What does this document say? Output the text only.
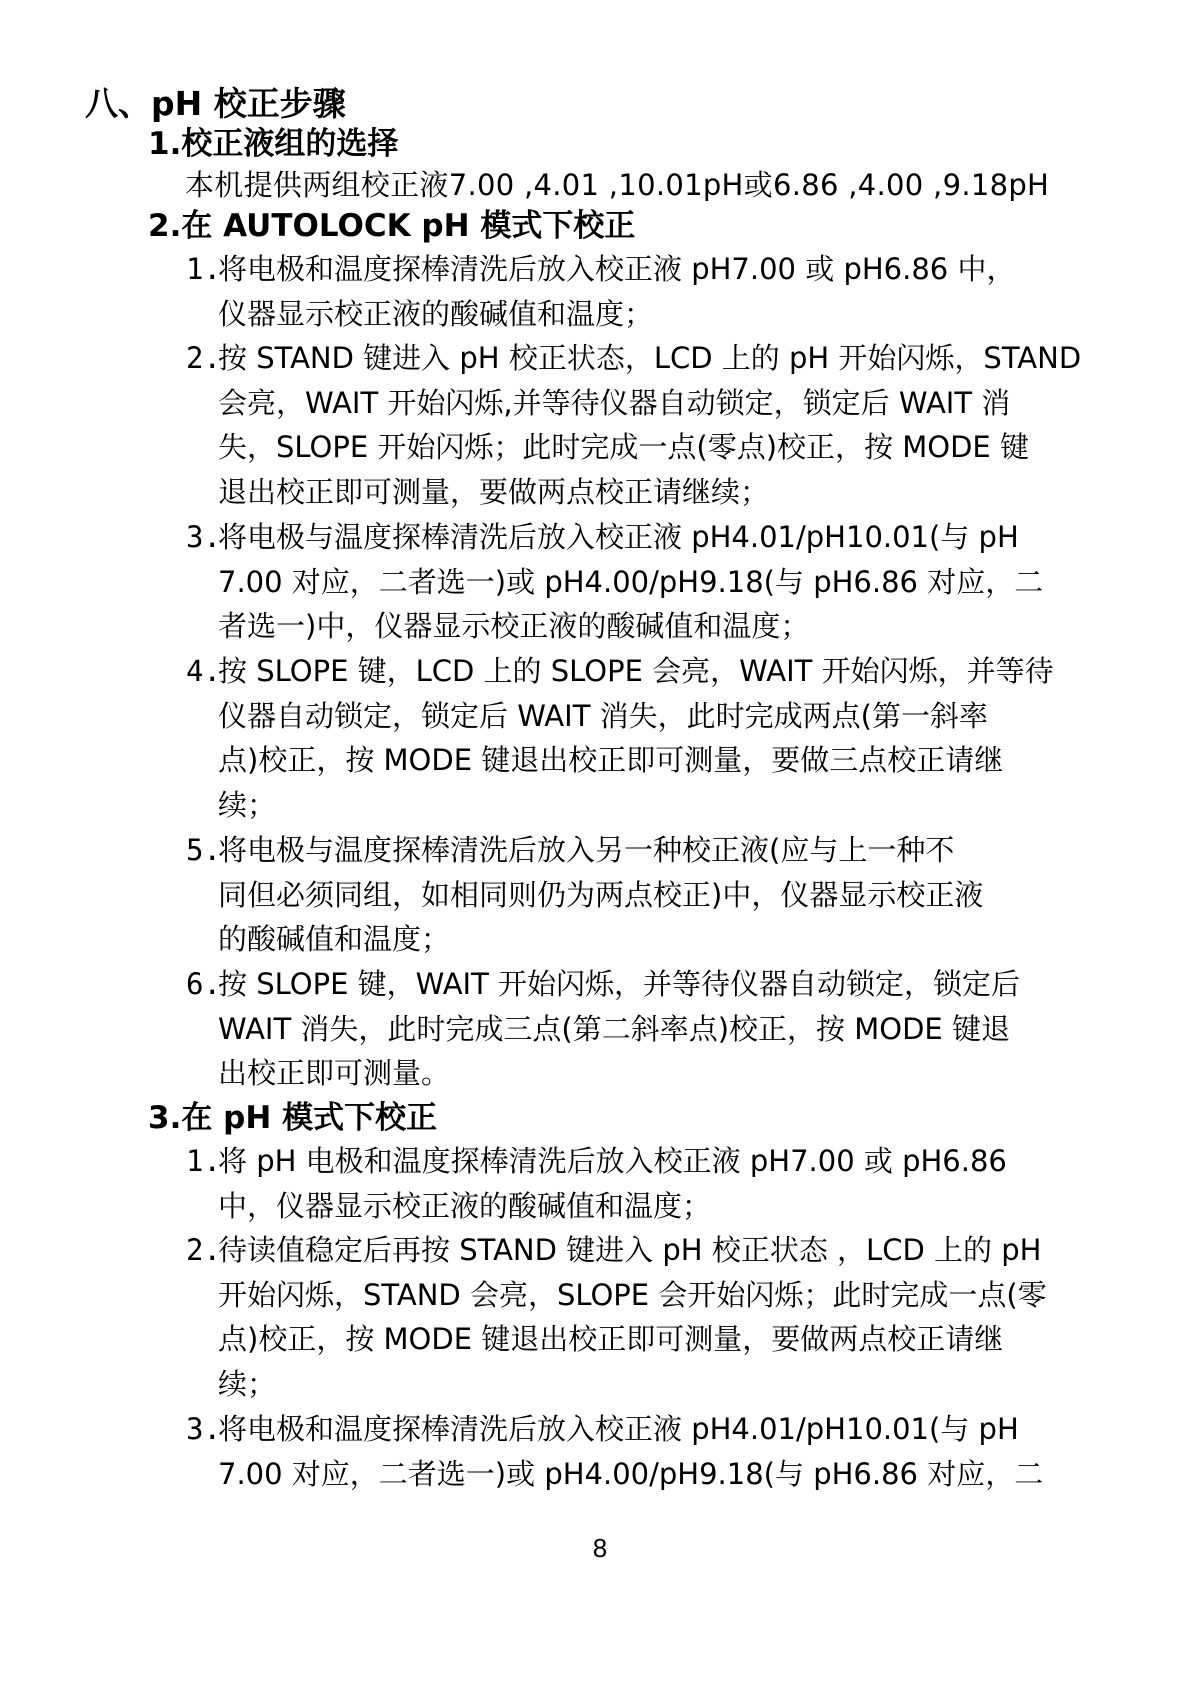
八、pH 校正步骤
1.校正液组的选择
本机提供两组校正液7.00 ,4.01 ,10.01pH或6.86 ,4.00 ,9.18pH
2.在 AUTOLOCK pH 模式下校正
1.将电极和温度探棒清洗后放入校正液 pH7.00 或 pH6.86 中，
仪器显示校正液的酸碱值和温度；
2.按 STAND 键进入 pH 校正状态，LCD 上的 pH 开始闪烁，STAND
会亮，WAIT 开始闪烁,并等待仪器自动锁定，锁定后 WAIT 消
失，SLOPE 开始闪烁；此时完成一点(零点)校正，按 MODE 键
退出校正即可测量，要做两点校正请继续；
3.将电极与温度探棒清洗后放入校正液 pH4.01/pH10.01(与 pH
7.00 对应，二者选一)或 pH4.00/pH9.18(与 pH6.86 对应，二
者选一)中，仪器显示校正液的酸碱值和温度；
4.按 SLOPE 键，LCD 上的 SLOPE 会亮，WAIT 开始闪烁，并等待
仪器自动锁定，锁定后 WAIT 消失，此时完成两点(第一斜率
点)校正，按 MODE 键退出校正即可测量，要做三点校正请继
续；
5.将电极与温度探棒清洗后放入另一种校正液(应与上一种不
同但必须同组，如相同则仍为两点校正)中，仪器显示校正液
的酸碱值和温度；
6.按 SLOPE 键，WAIT 开始闪烁，并等待仪器自动锁定，锁定后
WAIT 消失，此时完成三点(第二斜率点)校正，按 MODE 键退
出校正即可测量。
3.在 pH 模式下校正
1.将 pH 电极和温度探棒清洗后放入校正液 pH7.00 或 pH6.86
中，仪器显示校正液的酸碱值和温度；
2.待读值稳定后再按 STAND 键进入 pH 校正状态 ，LCD 上的 pH
开始闪烁，STAND 会亮，SLOPE 会开始闪烁；此时完成一点(零
点)校正，按 MODE 键退出校正即可测量，要做两点校正请继
续；
3.将电极和温度探棒清洗后放入校正液 pH4.01/pH10.01(与 pH
7.00 对应，二者选一)或 pH4.00/pH9.18(与 pH6.86 对应，二
8
